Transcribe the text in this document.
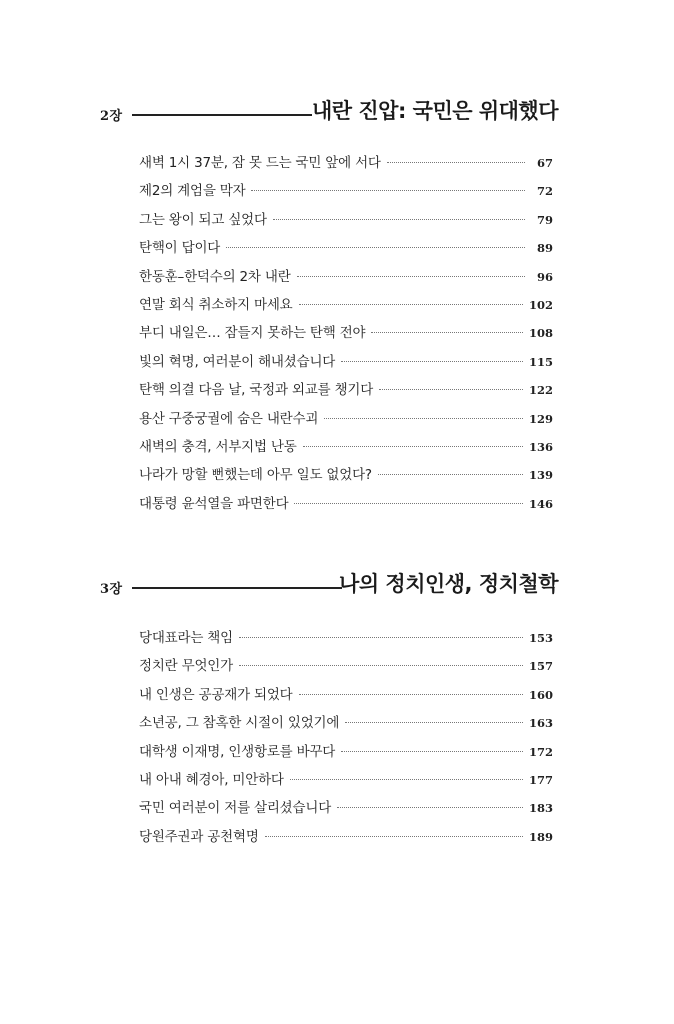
2장	내란 진압: 국민은 위대했다
새벽 1시 37분, 잠 못 드는 국민 앞에 서다	67
제2의 계엄을 막자	72
그는 왕이 되고 싶었다	79
탄핵이 답이다	89
한동훈–한덕수의 2차 내란	96
연말 회식 취소하지 마세요	102
부디 내일은… 잠들지 못하는 탄핵 전야	108
빛의 혁명, 여러분이 해내셨습니다	115
탄핵 의결 다음 날, 국정과 외교를 챙기다	122
용산 구중궁궐에 숨은 내란수괴	129
새벽의 충격, 서부지법 난동	136
나라가 망할 뻔했는데 아무 일도 없었다?	139
대통령 윤석열을 파면한다	146
3장	나의 정치인생, 정치철학
당대표라는 책임	153
정치란 무엇인가	157
내 인생은 공공재가 되었다	160
소년공, 그 참혹한 시절이 있었기에	163
대학생 이재명, 인생항로를 바꾸다	172
내 아내 혜경아, 미안하다	177
국민 여러분이 저를 살리셨습니다	183
당원주권과 공천혁명	189
